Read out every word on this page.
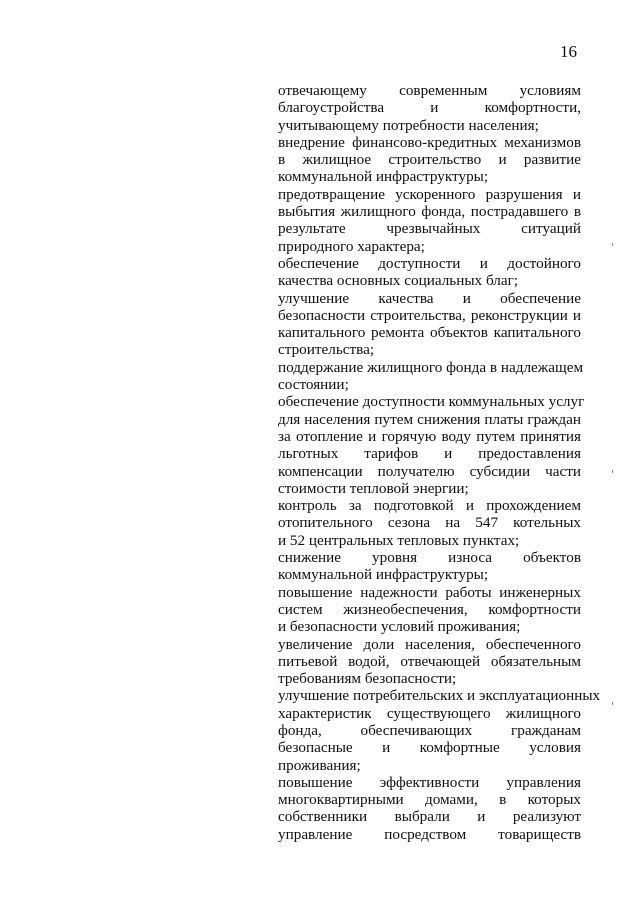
16
отвечающему современным условиям
благоустройства и комфортности,
учитывающему потребности населения;
внедрение финансово-кредитных механизмов
в жилищное строительство и развитие
коммунальной инфраструктуры;
предотвращение ускоренного разрушения и
выбытия жилищного фонда, пострадавшего в
результате чрезвычайных ситуаций
природного характера;
обеспечение доступности и достойного
качества основных социальных благ;
улучшение качества и обеспечение
безопасности строительства, реконструкции и
капитального ремонта объектов капитального
строительства;
поддержание жилищного фонда в надлежащем
состоянии;
обеспечение доступности коммунальных услуг
для населения путем снижения платы граждан
за отопление и горячую воду путем принятия
льготных тарифов и предоставления
компенсации получателю субсидии части
стоимости тепловой энергии;
контроль за подготовкой и прохождением
отопительного сезона на 547 котельных
и 52 центральных тепловых пунктах;
снижение уровня износа объектов
коммунальной инфраструктуры;
повышение надежности работы инженерных
систем жизнеобеспечения, комфортности
и безопасности условий проживания;
увеличение доли населения, обеспеченного
питьевой водой, отвечающей обязательным
требованиям безопасности;
улучшение потребительских и эксплуатационных
характеристик существующего жилищного
фонда, обеспечивающих гражданам
безопасные и комфортные условия
проживания;
повышение эффективности управления
многоквартирными домами, в которых
собственники выбрали и реализуют
управление посредством товариществ
